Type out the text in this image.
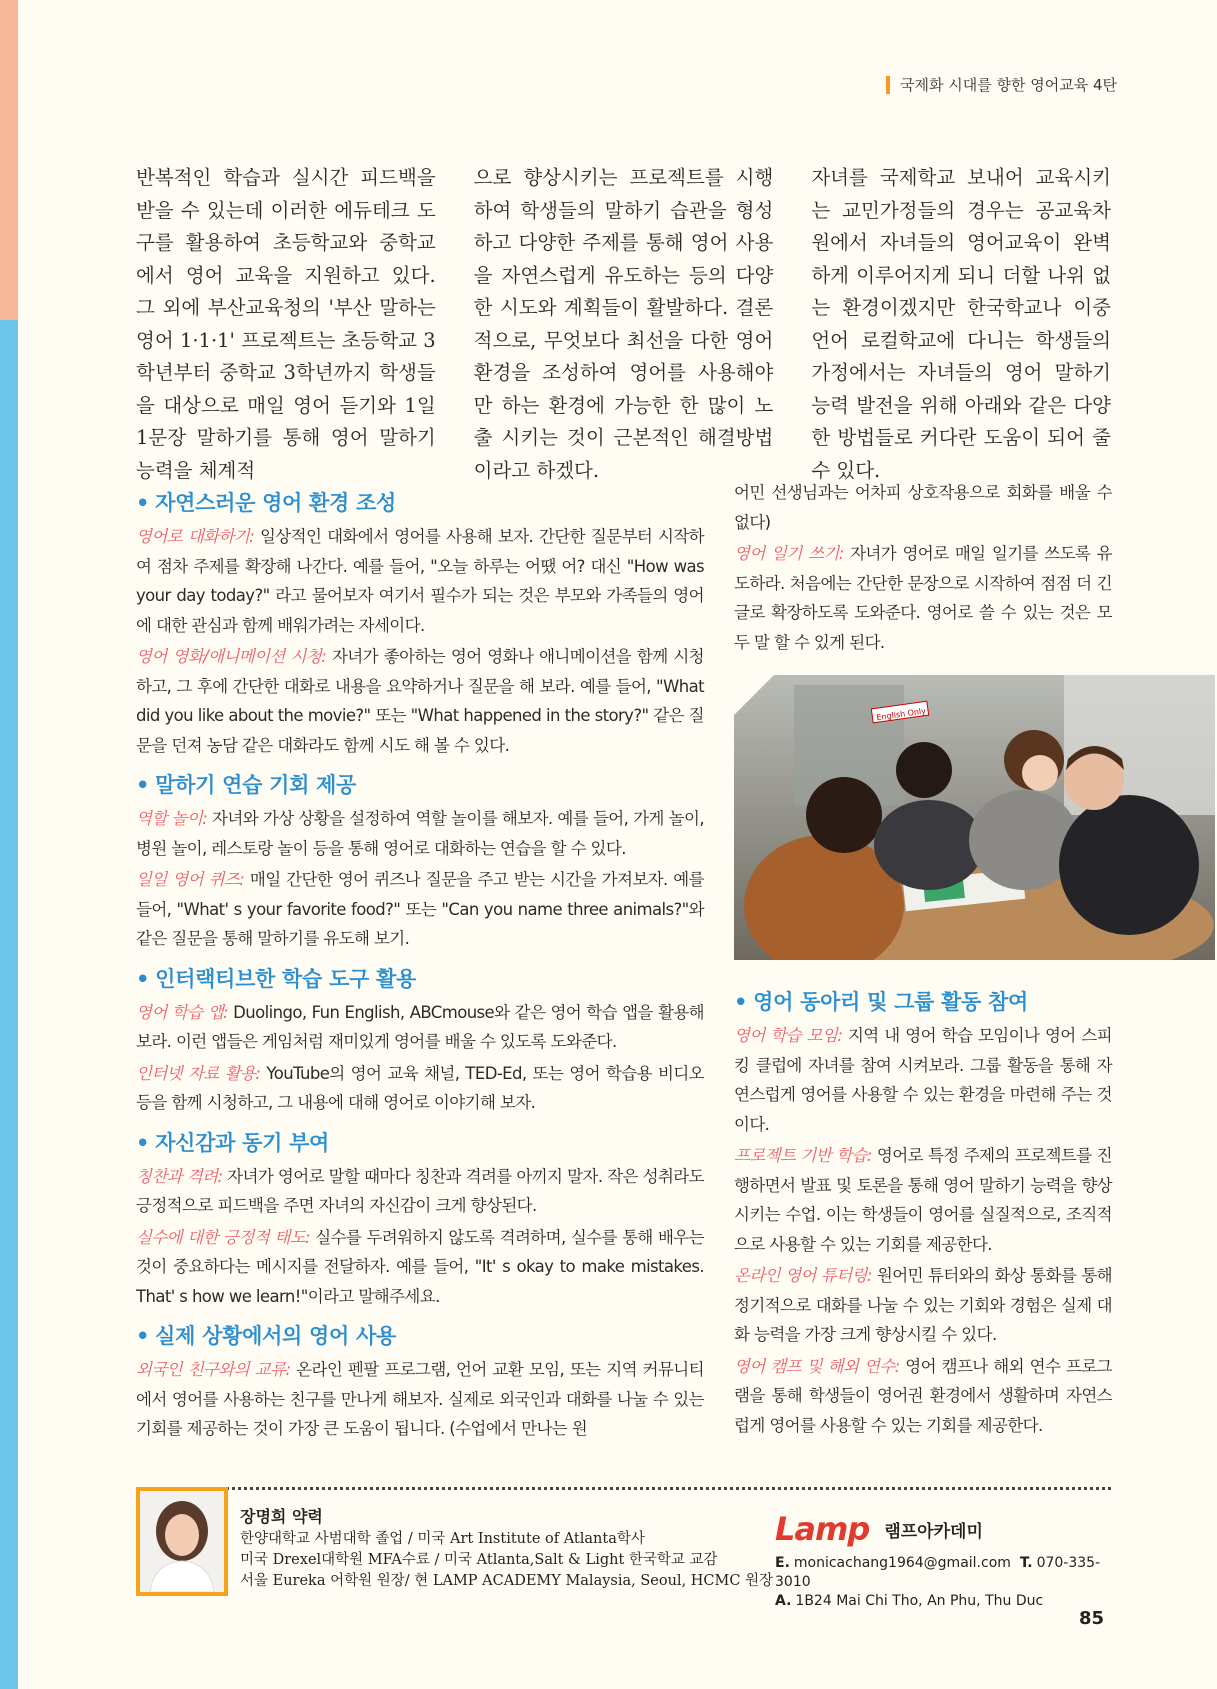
국제화 시대를 향한 영어교육 4탄

반복적인 학습과 실시간 피드백을 받을 수 있는데 이러한 에듀테크 도구를 활용하여 초등학교와 중학교에서 영어 교육을 지원하고 있다. 그 외에 부산교육청의 '부산 말하는 영어 1·1·1' 프로젝트는 초등학교 3학년부터 중학교 3학년까지 학생들을 대상으로 매일 영어 듣기와 1일 1문장 말하기를 통해 영어 말하기 능력을 체계적

으로 향상시키는 프로젝트를 시행하여 학생들의 말하기 습관을 형성하고 다양한 주제를 통해 영어 사용을 자연스럽게 유도하는 등의 다양한 시도와 계획들이 활발하다. 결론적으로, 무엇보다 최선을 다한 영어환경을 조성하여 영어를 사용해야만 하는 환경에 가능한 한 많이 노출 시키는 것이 근본적인 해결방법이라고 하겠다.

자녀를 국제학교 보내어 교육시키는 교민가정들의 경우는 공교육차원에서 자녀들의 영어교육이 완벽하게 이루어지게 되니 더할 나위 없는 환경이겠지만 한국학교나 이중언어 로컬학교에 다니는 학생들의 가정에서는 자녀들의 영어 말하기 능력 발전을 위해 아래와 같은 다양한 방법들로 커다란 도움이 되어 줄 수 있다.

• 자연스러운 영어 환경 조성

영어로 대화하기: 일상적인 대화에서 영어를 사용해 보자. 간단한 질문부터 시작하여 점차 주제를 확장해 나간다. 예를 들어, "오늘 하루는 어땠 어? 대신 "How was your day today?" 라고 물어보자 여기서 필수가 되는 것은 부모와 가족들의 영어에 대한 관심과 함께 배워가려는 자세이다.

영어 영화/애니메이션 시청: 자녀가 좋아하는 영어 영화나 애니메이션을 함께 시청하고, 그 후에 간단한 대화로 내용을 요약하거나 질문을 해 보라. 예를 들어, "What did you like about the movie?" 또는 "What happened in the story?" 같은 질문을 던져 농담 같은 대화라도 함께 시도 해 볼 수 있다.

• 말하기 연습 기회 제공

역할 놀이: 자녀와 가상 상황을 설정하여 역할 놀이를 해보자. 예를 들어, 가게 놀이, 병원 놀이, 레스토랑 놀이 등을 통해 영어로 대화하는 연습을 할 수 있다.

일일 영어 퀴즈: 매일 간단한 영어 퀴즈나 질문을 주고 받는 시간을 가져보자. 예를 들어, "What' s your favorite food?" 또는 "Can you name three animals?"와 같은 질문을 통해 말하기를 유도해 보기.

• 인터랙티브한 학습 도구 활용

영어 학습 앱: Duolingo, Fun English, ABCmouse와 같은 영어 학습 앱을 활용해 보라. 이런 앱들은 게임처럼 재미있게 영어를 배울 수 있도록 도와준다.

인터넷 자료 활용: YouTube의 영어 교육 채널, TED-Ed, 또는 영어 학습용 비디오 등을 함께 시청하고, 그 내용에 대해 영어로 이야기해 보자.

• 자신감과 동기 부여

칭찬과 격려: 자녀가 영어로 말할 때마다 칭찬과 격려를 아끼지 말자. 작은 성취라도 긍정적으로 피드백을 주면 자녀의 자신감이 크게 향상된다.

실수에 대한 긍정적 태도: 실수를 두려워하지 않도록 격려하며, 실수를 통해 배우는 것이 중요하다는 메시지를 전달하자. 예를 들어, "It' s okay to make mistakes. That' s how we learn!"이라고 말해주세요.

• 실제 상황에서의 영어 사용

외국인 친구와의 교류: 온라인 펜팔 프로그램, 언어 교환 모임, 또는 지역 커뮤니티에서 영어를 사용하는 친구를 만나게 해보자. 실제로 외국인과 대화를 나눌 수 있는 기회를 제공하는 것이 가장 큰 도움이 됩니다. (수업에서 만나는 원

어민 선생님과는 어차피 상호작용으로 회화를 배울 수 없다)

영어 일기 쓰기: 자녀가 영어로 매일 일기를 쓰도록 유도하라. 처음에는 간단한 문장으로 시작하여 점점 더 긴 글로 확장하도록 도와준다. 영어로 쓸 수 있는 것은 모두 말 할 수 있게 된다.

• 영어 동아리 및 그룹 활동 참여

영어 학습 모임: 지역 내 영어 학습 모임이나 영어 스피킹 클럽에 자녀를 참여 시켜보라. 그룹 활동을 통해 자연스럽게 영어를 사용할 수 있는 환경을 마련해 주는 것이다.

프로젝트 기반 학습: 영어로 특정 주제의 프로젝트를 진행하면서 발표 및 토론을 통해 영어 말하기 능력을 향상시키는 수업. 이는 학생들이 영어를 실질적으로, 조직적으로 사용할 수 있는 기회를 제공한다.

온라인 영어 튜터링: 원어민 튜터와의 화상 통화를 통해 정기적으로 대화를 나눌 수 있는 기회와 경험은 실제 대화 능력을 가장 크게 향상시킬 수 있다.

영어 캠프 및 해외 연수: 영어 캠프나 해외 연수 프로그램을 통해 학생들이 영어권 환경에서 생활하며 자연스럽게 영어를 사용할 수 있는 기회를 제공한다.

English Only
장명희 약력
한양대학교 사범대학 졸업 / 미국 Art Institute of Atlanta학사
미국 Drexel대학원 MFA수료 / 미국 Atlanta,Salt & Light 한국학교 교감
서울 Eureka 어학원 원장/ 현 LAMP ACADEMY Malaysia, Seoul, HCMC 원장
Lamp 램프아카데미
E. monicachang1964@gmail.com T. 070-335-3010
A. 1B24 Mai Chi Tho, An Phu, Thu Duc
85
